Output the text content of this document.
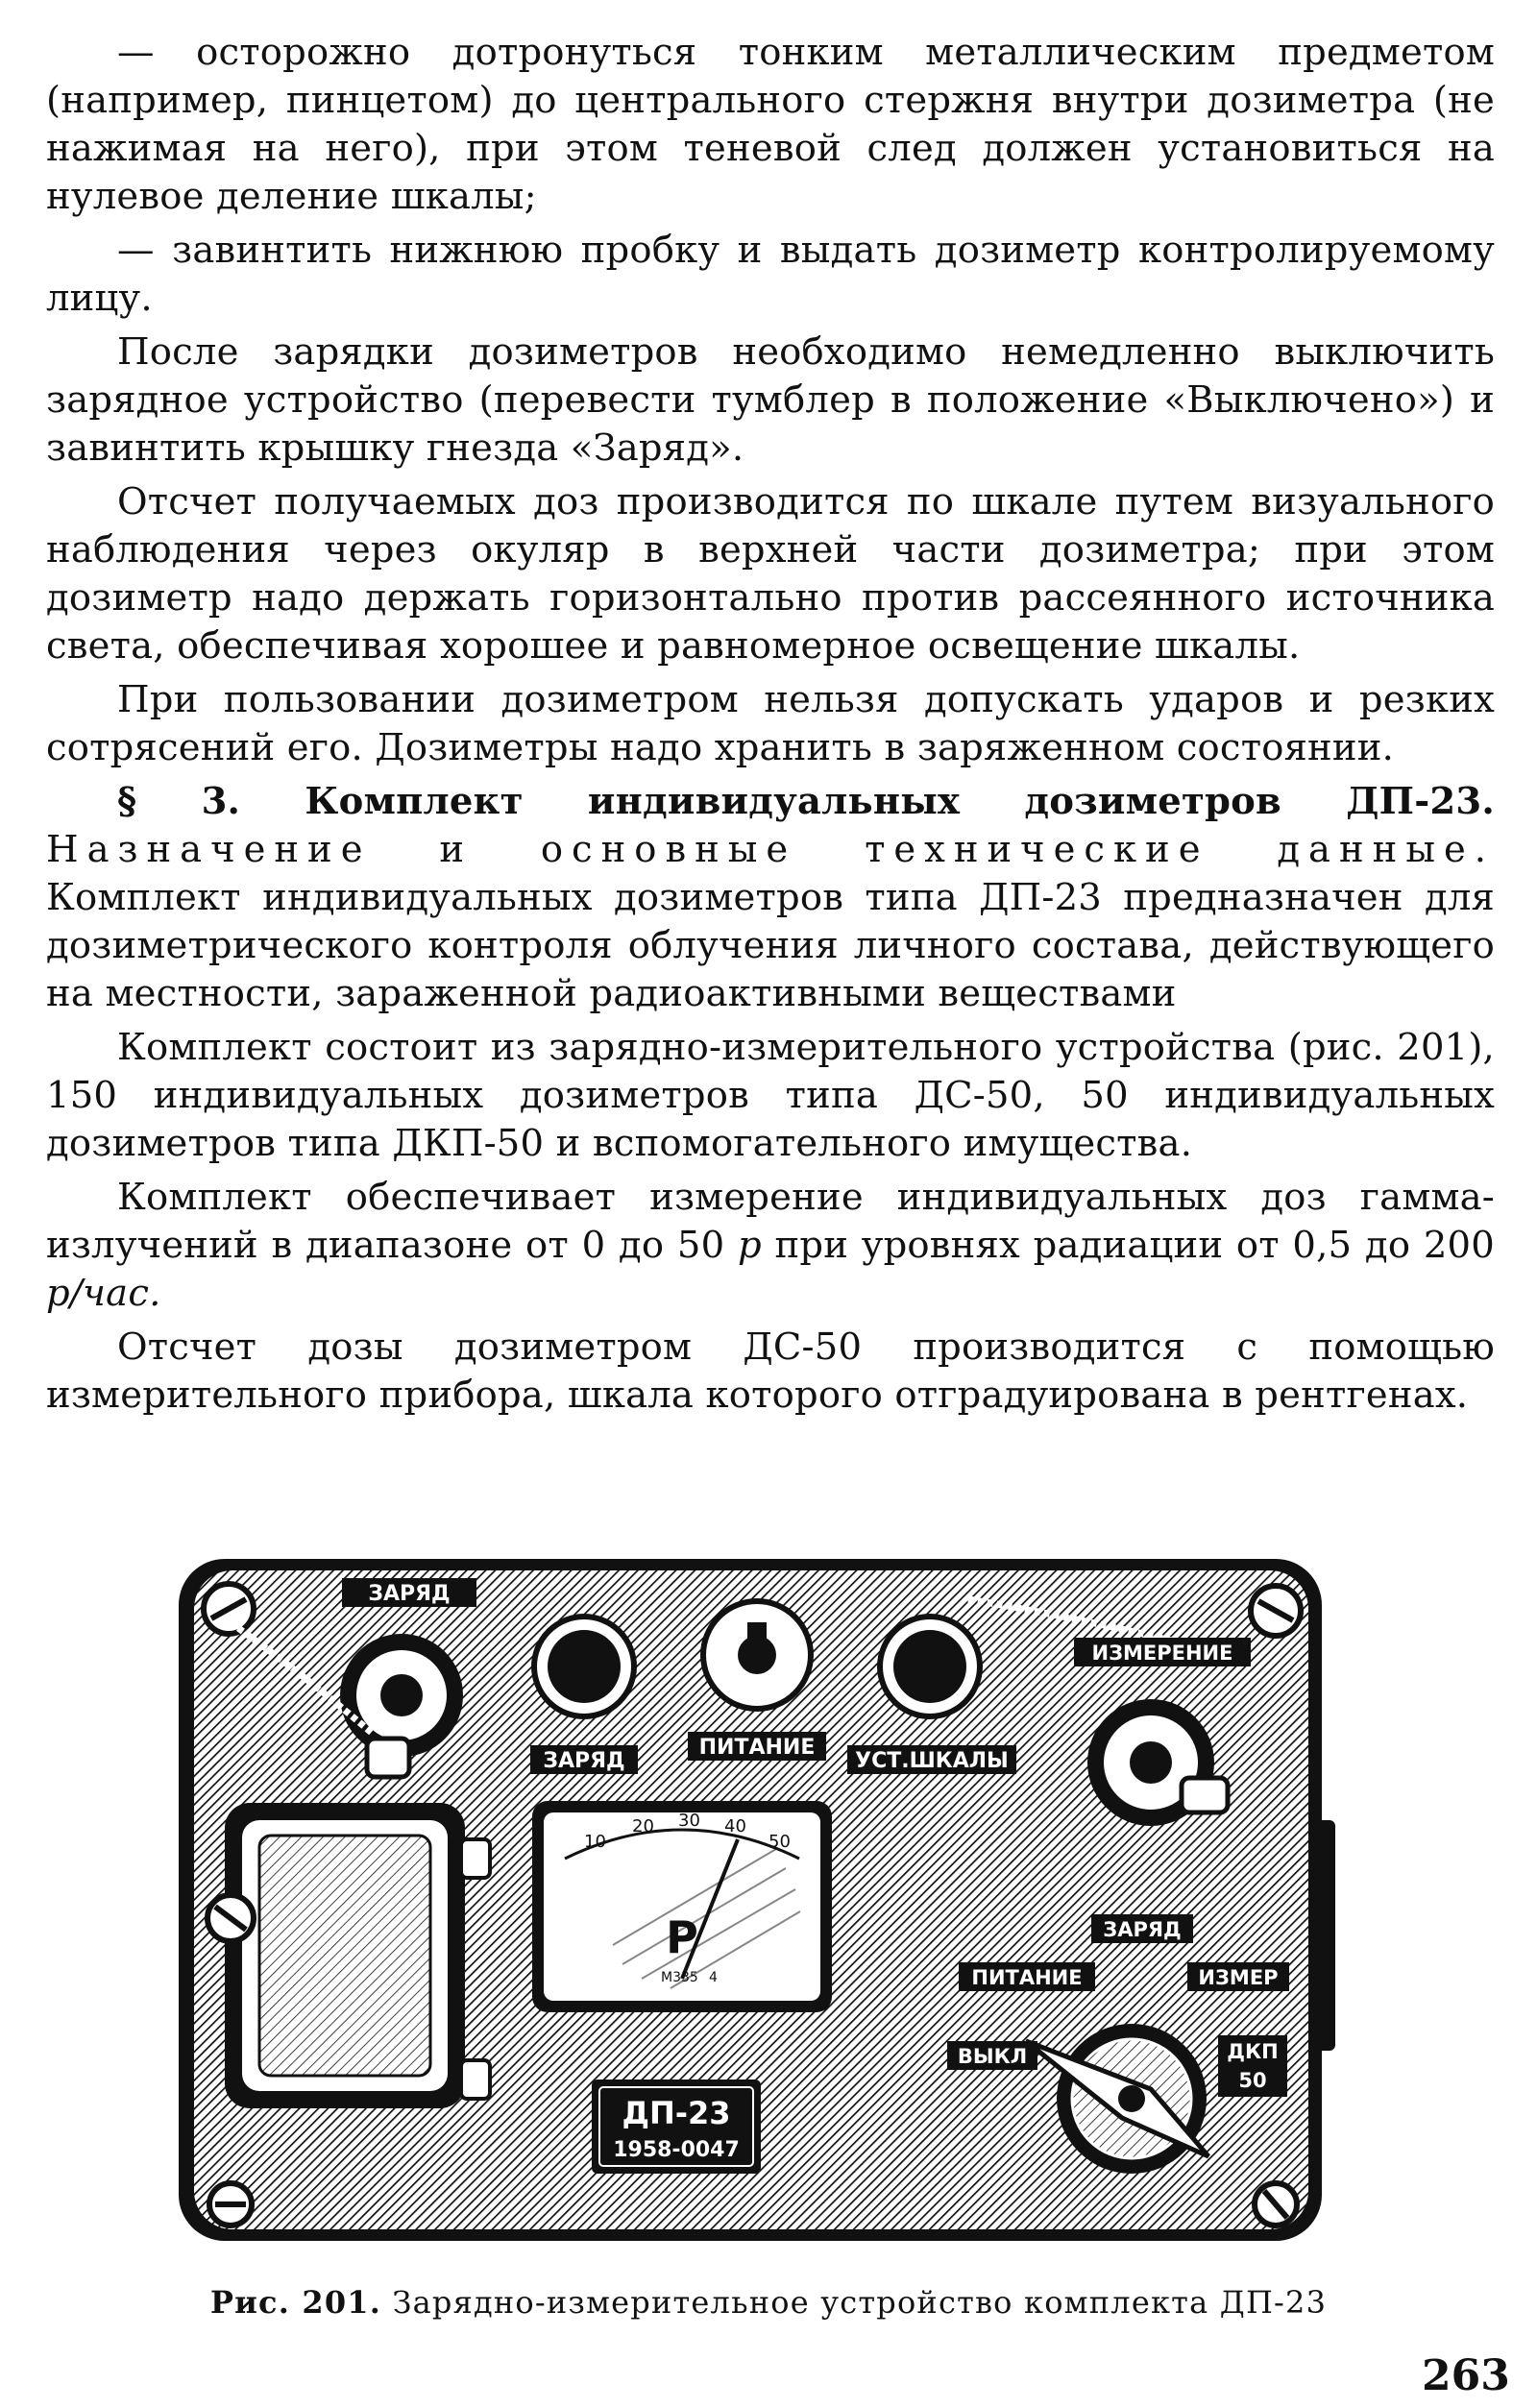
— осторожно дотронуться тонким металлическим предметом (например, пинцетом) до центрального стержня внутри дозиметра (не нажимая на него), при этом теневой след должен установиться на нулевое деление шкалы;

— завинтить нижнюю пробку и выдать дозиметр контролируемому лицу.

После зарядки дозиметров необходимо немедленно выключить зарядное устройство (перевести тумблер в положение «Выключено») и завинтить крышку гнезда «Заряд».

Отсчет получаемых доз производится по шкале путем визуального наблюдения через окуляр в верхней части дозиметра; при этом дозиметр надо держать горизонтально против рассеянного источника света, обеспечивая хорошее и равномерное освещение шкалы.

При пользовании дозиметром нельзя допускать ударов и резких сотрясений его. Дозиметры надо хранить в заряженном состоянии.

§ 3. Комплект индивидуальных дозиметров ДП-23. Назначение и основные технические данные. Комплект индивидуальных дозиметров типа ДП-23 предназначен для дозиметрического контроля облучения личного состава, действующего на местности, зараженной радиоактивными веществами

Комплект состоит из зарядно-измерительного устройства (рис. 201), 150 индивидуальных дозиметров типа ДС-50, 50 индивидуальных дозиметров типа ДКП-50 и вспомогательного имущества.

Комплект обеспечивает измерение индивидуальных доз гамма-излучений в диапазоне от 0 до 50 р при уровнях радиации от 0,5 до 200 р/час.

Отсчет дозы дозиметром ДС-50 производится с помощью измерительного прибора, шкала которого отградуирована в рентгенах.

ЗАРЯД
ЗАРЯД
ПИТАНИЕ
УСТ.ШКАЛЫ
ИЗМЕРЕНИЕ
10
20 30 40
50
Р
М335 4
ДП-23
1958-0047
ЗАРЯД
ПИТАНИЕ	ИЗМЕР
ВЫКЛ	ДКП
50
Рис. 201. Зарядно-измерительное устройство комплекта ДП-23
263
